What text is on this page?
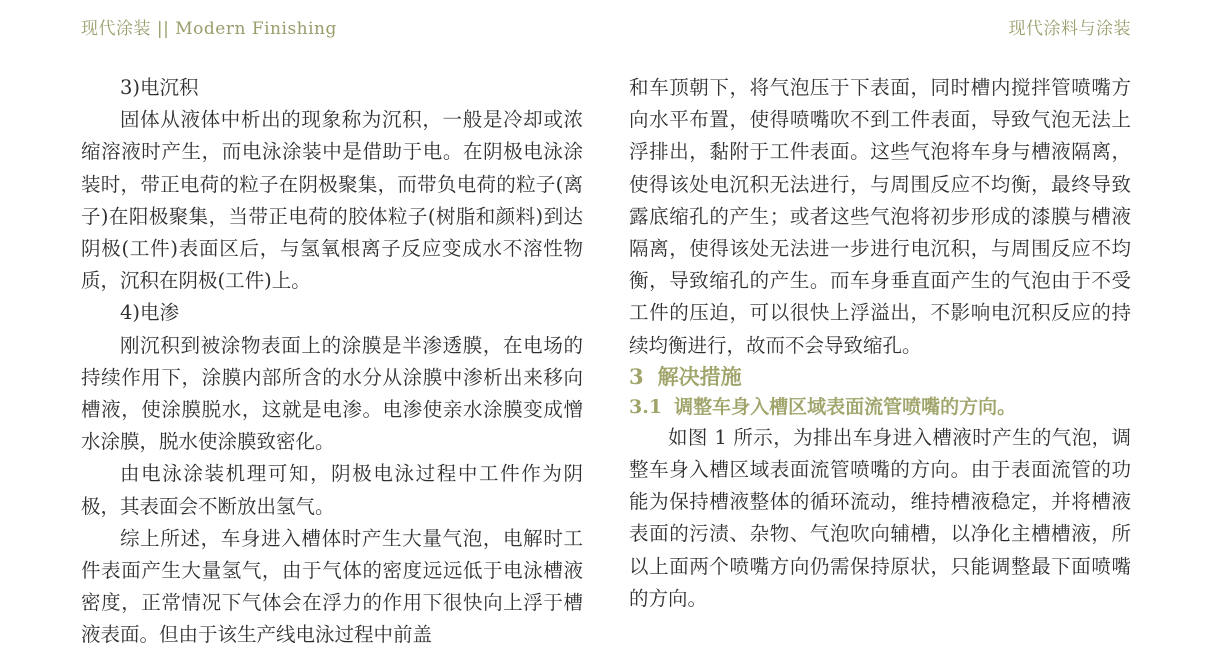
现代涂装 || Modern Finishing	现代涂料与涂装

3)电沉积

固体从液体中析出的现象称为沉积，一般是冷却或浓缩溶液时产生，而电泳涂装中是借助于电。在阴极电泳涂装时，带正电荷的粒子在阴极聚集，而带负电荷的粒子(离子)在阳极聚集，当带正电荷的胶体粒子(树脂和颜料)到达阴极(工件)表面区后，与氢氧根离子反应变成水不溶性物质，沉积在阴极(工件)上。

4)电渗

刚沉积到被涂物表面上的涂膜是半渗透膜，在电场的持续作用下，涂膜内部所含的水分从涂膜中渗析出来移向槽液，使涂膜脱水，这就是电渗。电渗使亲水涂膜变成憎水涂膜，脱水使涂膜致密化。

由电泳涂装机理可知，阴极电泳过程中工件作为阴极，其表面会不断放出氢气。

综上所述，车身进入槽体时产生大量气泡，电解时工件表面产生大量氢气，由于气体的密度远远低于电泳槽液密度，正常情况下气体会在浮力的作用下很快向上浮于槽液表面。但由于该生产线电泳过程中前盖

和车顶朝下，将气泡压于下表面，同时槽内搅拌管喷嘴方向水平布置，使得喷嘴吹不到工件表面，导致气泡无法上浮排出，黏附于工件表面。这些气泡将车身与槽液隔离，使得该处电沉积无法进行，与周围反应不均衡，最终导致露底缩孔的产生；或者这些气泡将初步形成的漆膜与槽液隔离，使得该处无法进一步进行电沉积，与周围反应不均衡，导致缩孔的产生。而车身垂直面产生的气泡由于不受工件的压迫，可以很快上浮溢出，不影响电沉积反应的持续均衡进行，故而不会导致缩孔。

3 解决措施
3.1 调整车身入槽区域表面流管喷嘴的方向。

如图 1 所示，为排出车身进入槽液时产生的气泡，调整车身入槽区域表面流管喷嘴的方向。由于表面流管的功能为保持槽液整体的循环流动，维持槽液稳定，并将槽液表面的污渍、杂物、气泡吹向辅槽，以净化主槽槽液，所以上面两个喷嘴方向仍需保持原状，只能调整最下面喷嘴的方向。
